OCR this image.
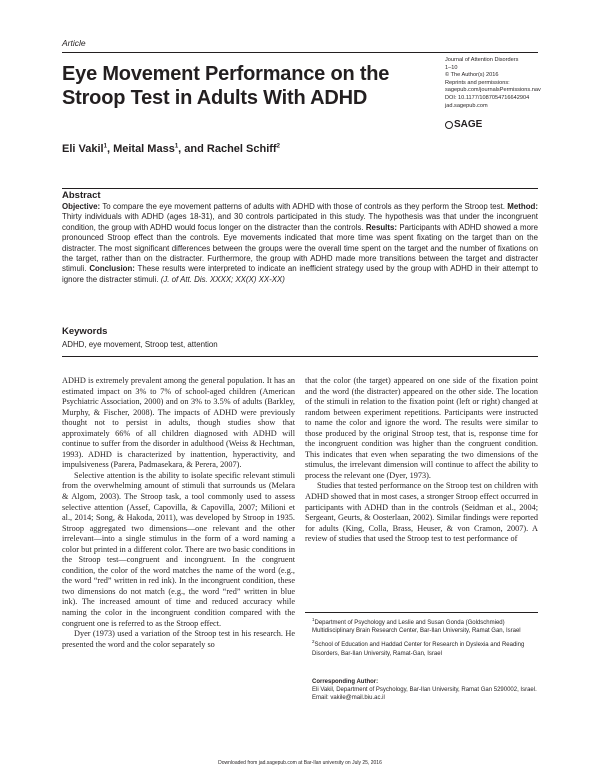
Article
Eye Movement Performance on the Stroop Test in Adults With ADHD
Journal of Attention Disorders
1–10
© The Author(s) 2016
Reprints and permissions:
sagepub.com/journalsPermissions.nav
DOI: 10.1177/1087054716642904
jad.sagepub.com
SAGE
Eli Vakil$^1$, Meital Mass$^1$, and Rachel Schiff$^2$
Abstract

Objective: To compare the eye movement patterns of adults with ADHD with those of controls as they perform the Stroop test. Method: Thirty individuals with ADHD (ages 18-31), and 30 controls participated in this study. The hypothesis was that under the incongruent condition, the group with ADHD would focus longer on the distracter than the controls. Results: Participants with ADHD showed a more pronounced Stroop effect than the controls. Eye movements indicated that more time was spent fixating on the target than on the distracter. The most significant differences between the groups were the overall time spent on the target and the number of fixations on the target, rather than on the distracter. Furthermore, the group with ADHD made more transitions between the target and distracter stimuli. Conclusion: These results were interpreted to indicate an inefficient strategy used by the group with ADHD in their attempt to ignore the distracter stimuli. (J. of Att. Dis. XXXX; XX(X) XX-XX)

Keywords

ADHD, eye movement, Stroop test, attention

ADHD is extremely prevalent among the general population. It has an estimated impact on 3% to 7% of school-aged children (American Psychiatric Association, 2000) and on 3% to 3.5% of adults (Barkley, Murphy, & Fischer, 2008). The impacts of ADHD were previously thought not to persist in adults, though studies show that approximately 66% of all children diagnosed with ADHD will continue to suffer from the disorder in adulthood (Weiss & Hechtman, 1993). ADHD is characterized by inattention, hyperactivity, and impulsiveness (Parera, Padmasekara, & Perera, 2007).

Selective attention is the ability to isolate specific relevant stimuli from the overwhelming amount of stimuli that surrounds us (Melara & Algom, 2003). The Stroop task, a tool commonly used to assess selective attention (Assef, Capovilla, & Capovilla, 2007; Milioni et al., 2014; Song, & Hakoda, 2011), was developed by Stroop in 1935. Stroop aggregated two dimensions—one relevant and the other irrelevant—into a single stimulus in the form of a word naming a color but printed in a different color. There are two basic conditions in the Stroop test—congruent and incongruent. In the congruent condition, the color of the word matches the name of the word (e.g., the word “red” written in red ink). In the incongruent condition, these two dimensions do not match (e.g., the word “red” written in blue ink). The increased amount of time and reduced accuracy while naming the color in the incongruent condition compared with the congruent one is referred to as the Stroop effect.

Dyer (1973) used a variation of the Stroop test in his research. He presented the word and the color separately so

that the color (the target) appeared on one side of the fixation point and the word (the distracter) appeared on the other side. The location of the stimuli in relation to the fixation point (left or right) changed at random between experiment repetitions. Participants were instructed to name the color and ignore the word. The results were similar to those produced by the original Stroop test, that is, response time for the incongruent condition was higher than the congruent condition. This indicates that even when separating the two dimensions of the stimulus, the irrelevant dimension will continue to affect the ability to process the relevant one (Dyer, 1973).

Studies that tested performance on the Stroop test on children with ADHD showed that in most cases, a stronger Stroop effect occurred in participants with ADHD than in the controls (Seidman et al., 2004; Sergeant, Geurts, & Oosterlaan, 2002). Similar findings were reported for adults (King, Colla, Brass, Heuser, & von Cramon, 2007). A review of studies that used the Stroop test to test performance of

$^1$Department of Psychology and Leslie and Susan Gonda (Goldschmied) Multidisciplinary Brain Research Center, Bar-Ilan University, Ramat Gan, Israel

$^2$School of Education and Haddad Center for Research in Dyslexia and Reading Disorders, Bar-Ilan University, Ramat-Gan, Israel

Corresponding Author:
Eli Vakil, Department of Psychology, Bar-Ilan University, Ramat Gan 5290002, Israel.
Email: vakile@mail.biu.ac.il
Downloaded from jad.sagepub.com at Bar-Ilan university on July 25, 2016
